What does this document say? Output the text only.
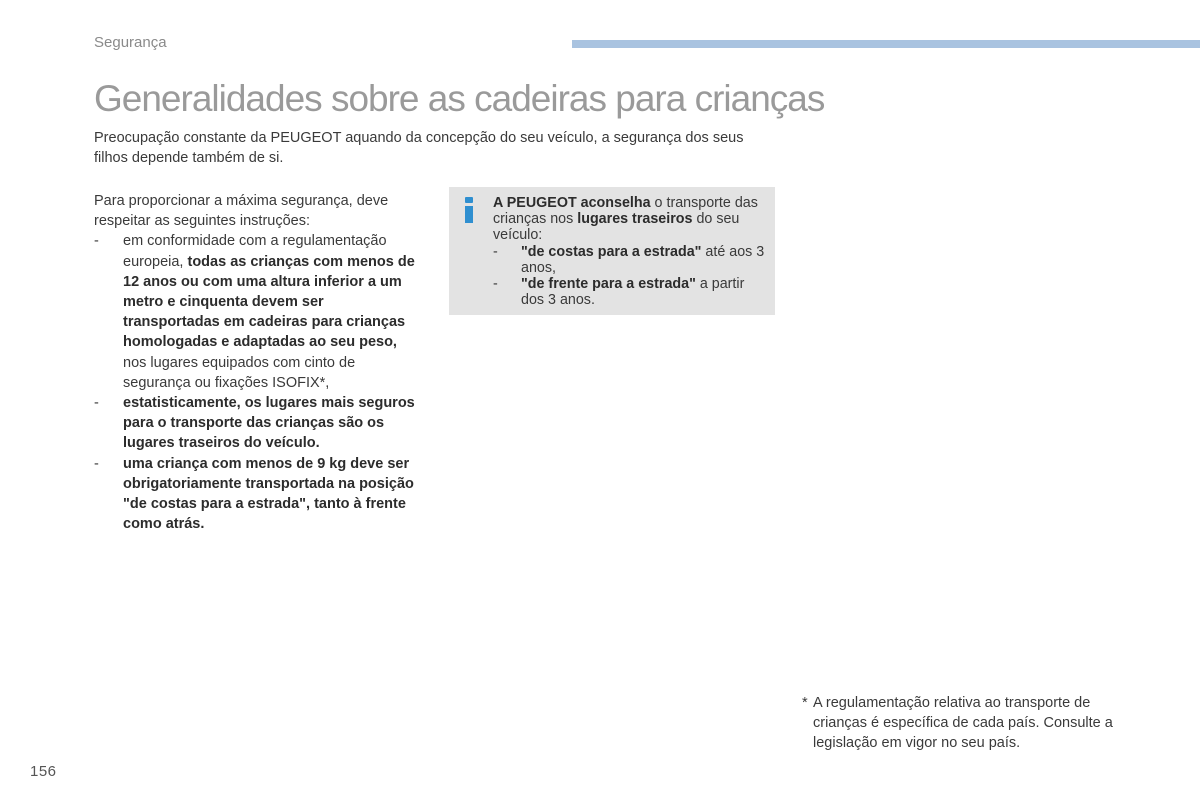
Segurança
Generalidades sobre as cadeiras para crianças

Preocupação constante da PEUGEOT aquando da concepção do seu veículo, a segurança dos seus filhos depende também de si.

Para proporcionar a máxima segurança, deve respeitar as seguintes instruções:

- em conformidade com a regulamentação europeia, todas as crianças com menos de 12 anos ou com uma altura inferior a um metro e cinquenta devem ser transportadas em cadeiras para crianças homologadas e adaptadas ao seu peso, nos lugares equipados com cinto de segurança ou fixações ISOFIX*,
- estatisticamente, os lugares mais seguros para o transporte das crianças são os lugares traseiros do veículo.
- uma criança com menos de 9 kg deve ser obrigatoriamente transportada na posição "de costas para a estrada", tanto à frente como atrás.

A PEUGEOT aconselha o transporte das crianças nos lugares traseiros do seu veículo:

- "de costas para a estrada" até aos 3 anos,
- "de frente para a estrada" a partir dos 3 anos.
* A regulamentação relativa ao transporte de crianças é específica de cada país. Consulte a legislação em vigor no seu país.
156
